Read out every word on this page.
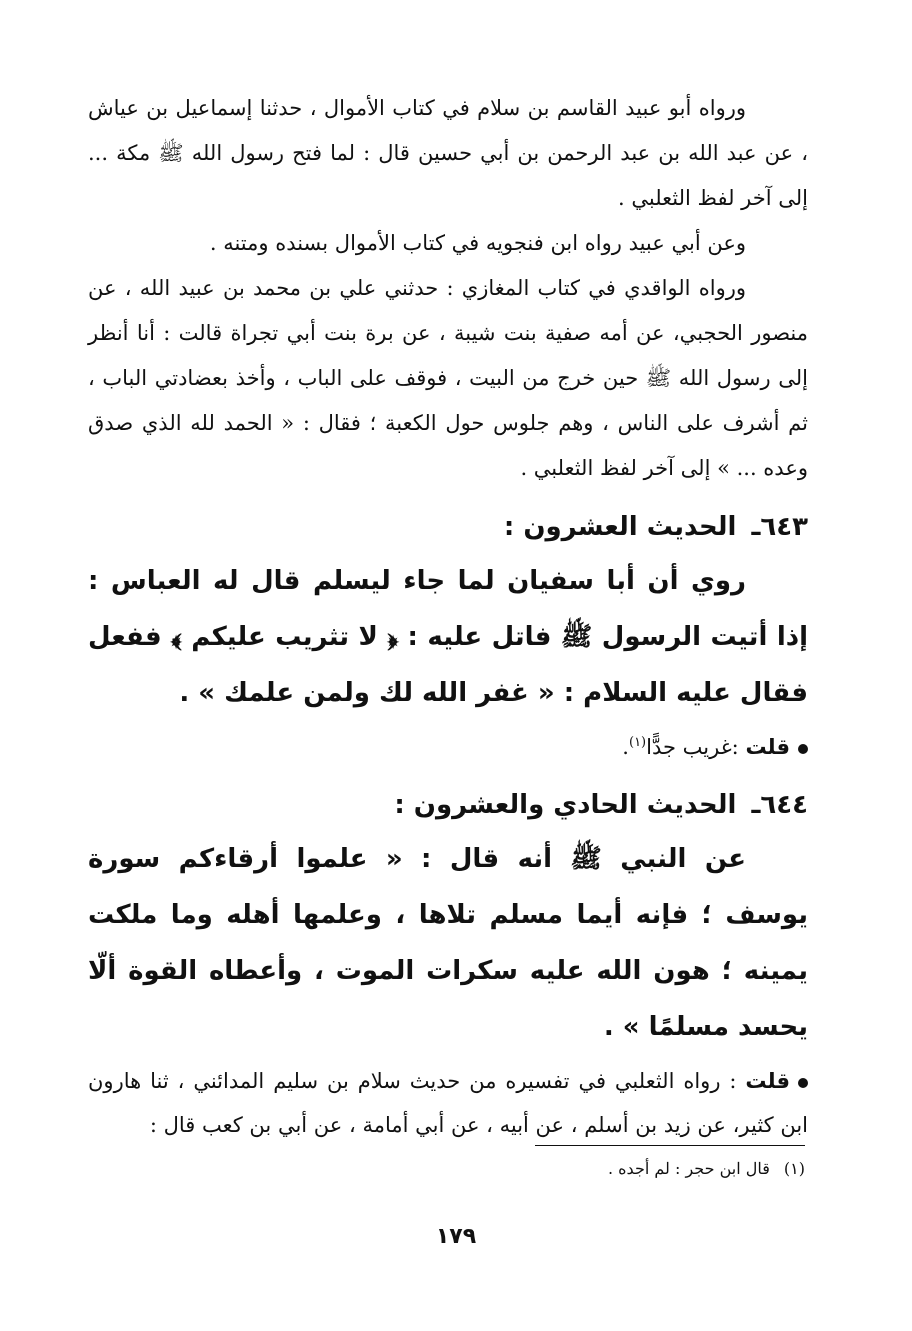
ورواه أبو عبيد القاسم بن سلام في كتاب الأموال ، حدثنا إسماعيل بن عياش ، عن عبد الله بن عبد الرحمن بن أبي حسين قال : لما فتح رسول الله ﷺ مكة ... إلى آخر لفظ الثعلبي .

وعن أبي عبيد رواه ابن فنجويه في كتاب الأموال بسنده ومتنه .

ورواه الواقدي في كتاب المغازي : حدثني علي بن محمد بن عبيد الله ، عن منصور الحجبي، عن أمه صفية بنت شيبة ، عن برة بنت أبي تجراة قالت : أنا أنظر إلى رسول الله ﷺ حين خرج من البيت ، فوقف على الباب ، وأخذ بعضادتي الباب ، ثم أشرف على الناس ، وهم جلوس حول الكعبة ؛ فقال : « الحمد لله الذي صدق وعده ... » إلى آخر لفظ الثعلبي .

٦٤٣ـ الحديث العشرون :

روي أن أبا سفيان لما جاء ليسلم قال له العباس : إذا أتيت الرسول ﷺ فاتل عليه : ﴿ لا تثريب عليكم ﴾ ففعل فقال عليه السلام : « غفر الله لك ولمن علمك » .

قلت :غريب جدًّا$^{(١)}$.

٦٤٤ـ الحديث الحادي والعشرون :

عن النبي ﷺ أنه قال : « علموا أرقاءكم سورة يوسف ؛ فإنه أيما مسلم تلاها ، وعلمها أهله وما ملكت يمينه ؛ هون الله عليه سكرات الموت ، وأعطاه القوة ألّا يحسد مسلمًا » .

قلت : رواه الثعلبي في تفسيره من حديث سلام بن سليم المدائني ، ثنا هارون ابن كثير، عن زيد بن أسلم ، عن أبيه ، عن أبي أمامة ، عن أبي بن كعب قال :

(١)قال ابن حجر : لم أجده .
١٧٩
